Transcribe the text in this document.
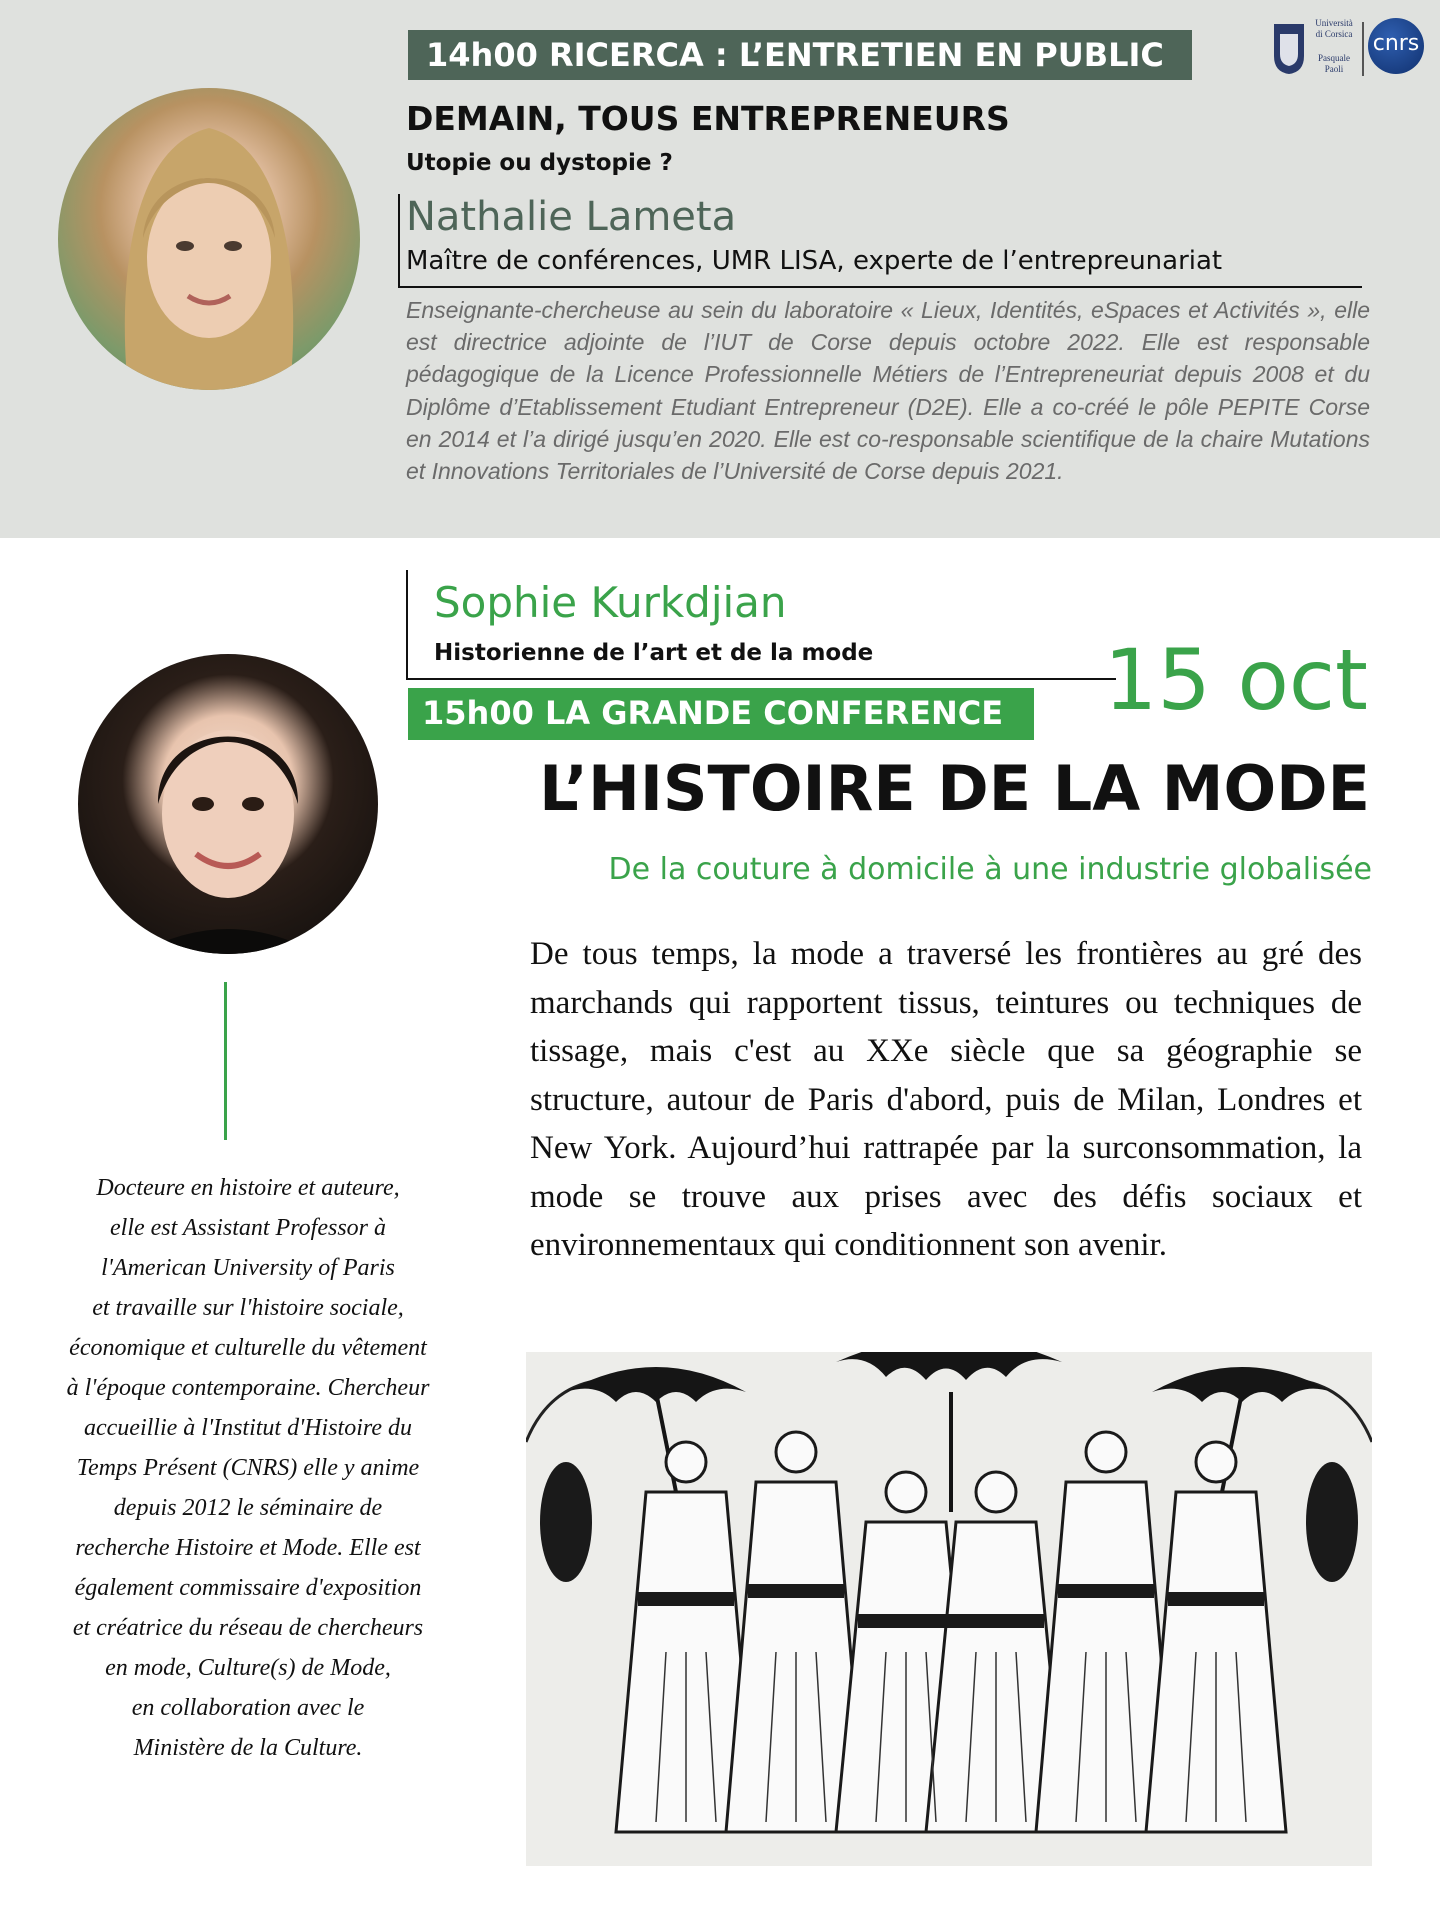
14h00 RICERCA : L’ENTRETIEN EN PUBLIC
Università
di Corsica
Pasquale
Paoli
cnrs
DEMAIN, TOUS ENTREPRENEURS
Utopie ou dystopie ?
Nathalie Lameta
Maître de conférences, UMR LISA, experte de l’entrepreunariat
Enseignante-chercheuse au sein du laboratoire « Lieux, Identités, eSpaces et Activités », elle est directrice adjointe de l’IUT de Corse depuis octobre 2022. Elle est responsable pédagogique de la Licence Professionnelle Métiers de l’Entrepreneuriat depuis 2008 et du Diplôme d’Etablissement Etudiant Entrepreneur (D2E). Elle a co-créé le pôle PEPITE Corse en 2014 et l’a dirigé jusqu’en 2020. Elle est co-responsable scientifique de la chaire Mutations et Innovations Territoriales de l’Université de Corse depuis 2021.
Sophie Kurkdjian
Historienne de l’art et de la mode	15 oct
15h00 LA GRANDE CONFERENCE
L’HISTOIRE DE LA MODE
De la couture à domicile à une industrie globalisée
Docteure en histoire et auteure,
elle est Assistant Professor à
l'American University of Paris
et travaille sur l'histoire sociale,
économique et culturelle du vêtement
à l'époque contemporaine. Chercheur
accueillie à l'Institut d'Histoire du
Temps Présent (CNRS) elle y anime
depuis 2012 le séminaire de
recherche Histoire et Mode. Elle est
également commissaire d'exposition
et créatrice du réseau de chercheurs
en mode, Culture(s) de Mode,
en collaboration avec le
Ministère de la Culture.
De tous temps, la mode a traversé les frontières au gré des marchands qui rapportent tissus, teintures ou techniques de tissage, mais c'est au XXe siècle que sa géographie se structure, autour de Paris d'abord, puis de Milan, Londres et New York. Aujourd’hui rattrapée par la surconsommation, la mode se trouve aux prises avec des défis sociaux et environnementaux qui conditionnent son avenir.
